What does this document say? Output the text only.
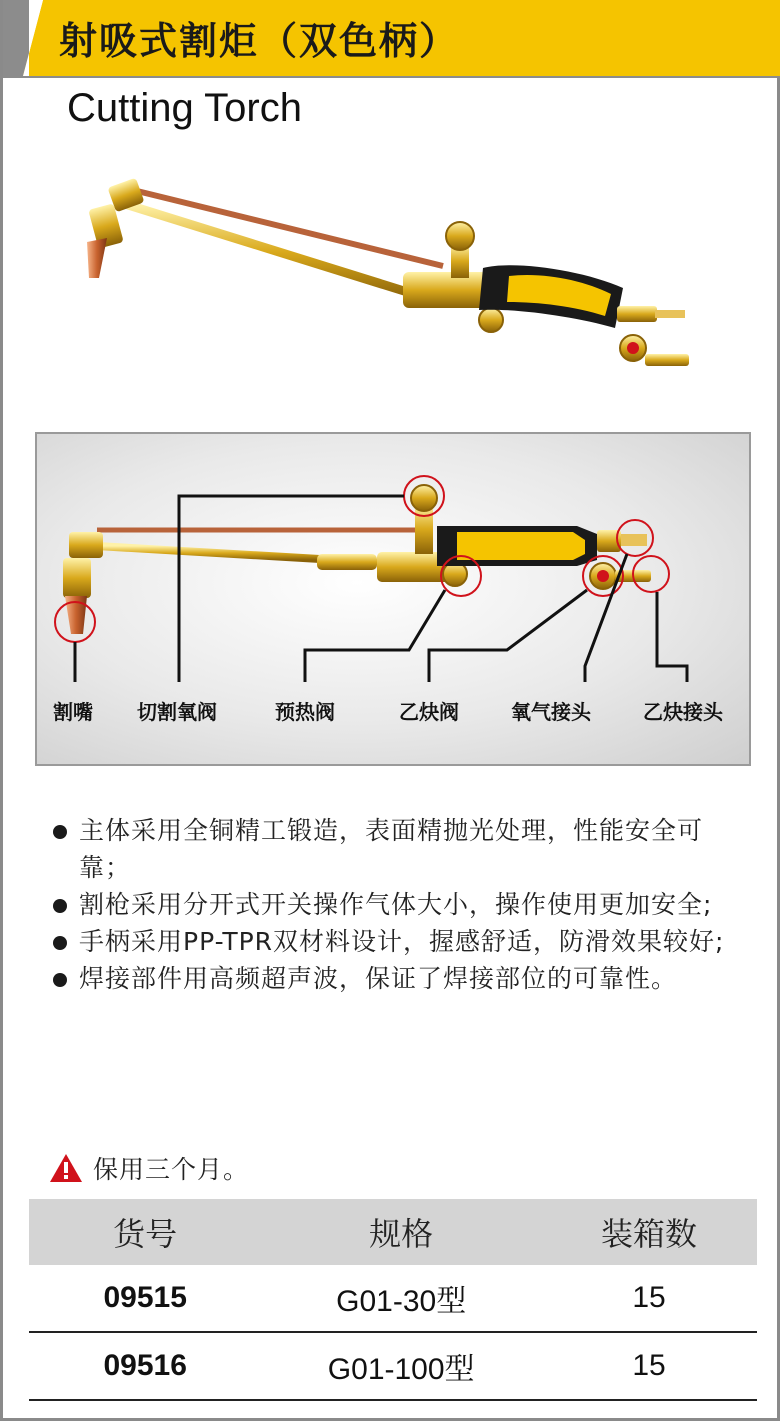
射吸式割炬（双色柄）
Cutting Torch
割嘴 切割氧阀	预热阀	乙炔阀	氧气接头	乙炔接头
主体采用全铜精工锻造，表面精抛光处理，性能安全可靠；
割枪采用分开式开关操作气体大小，操作使用更加安全;
手柄采用PP-TPR双材料设计，握感舒适，防滑效果较好;
焊接部件用高频超声波，保证了焊接部位的可靠性。
保用三个月。
货号	规格	装箱数
09515	G01-30型	15
09516	G01-100型	15
